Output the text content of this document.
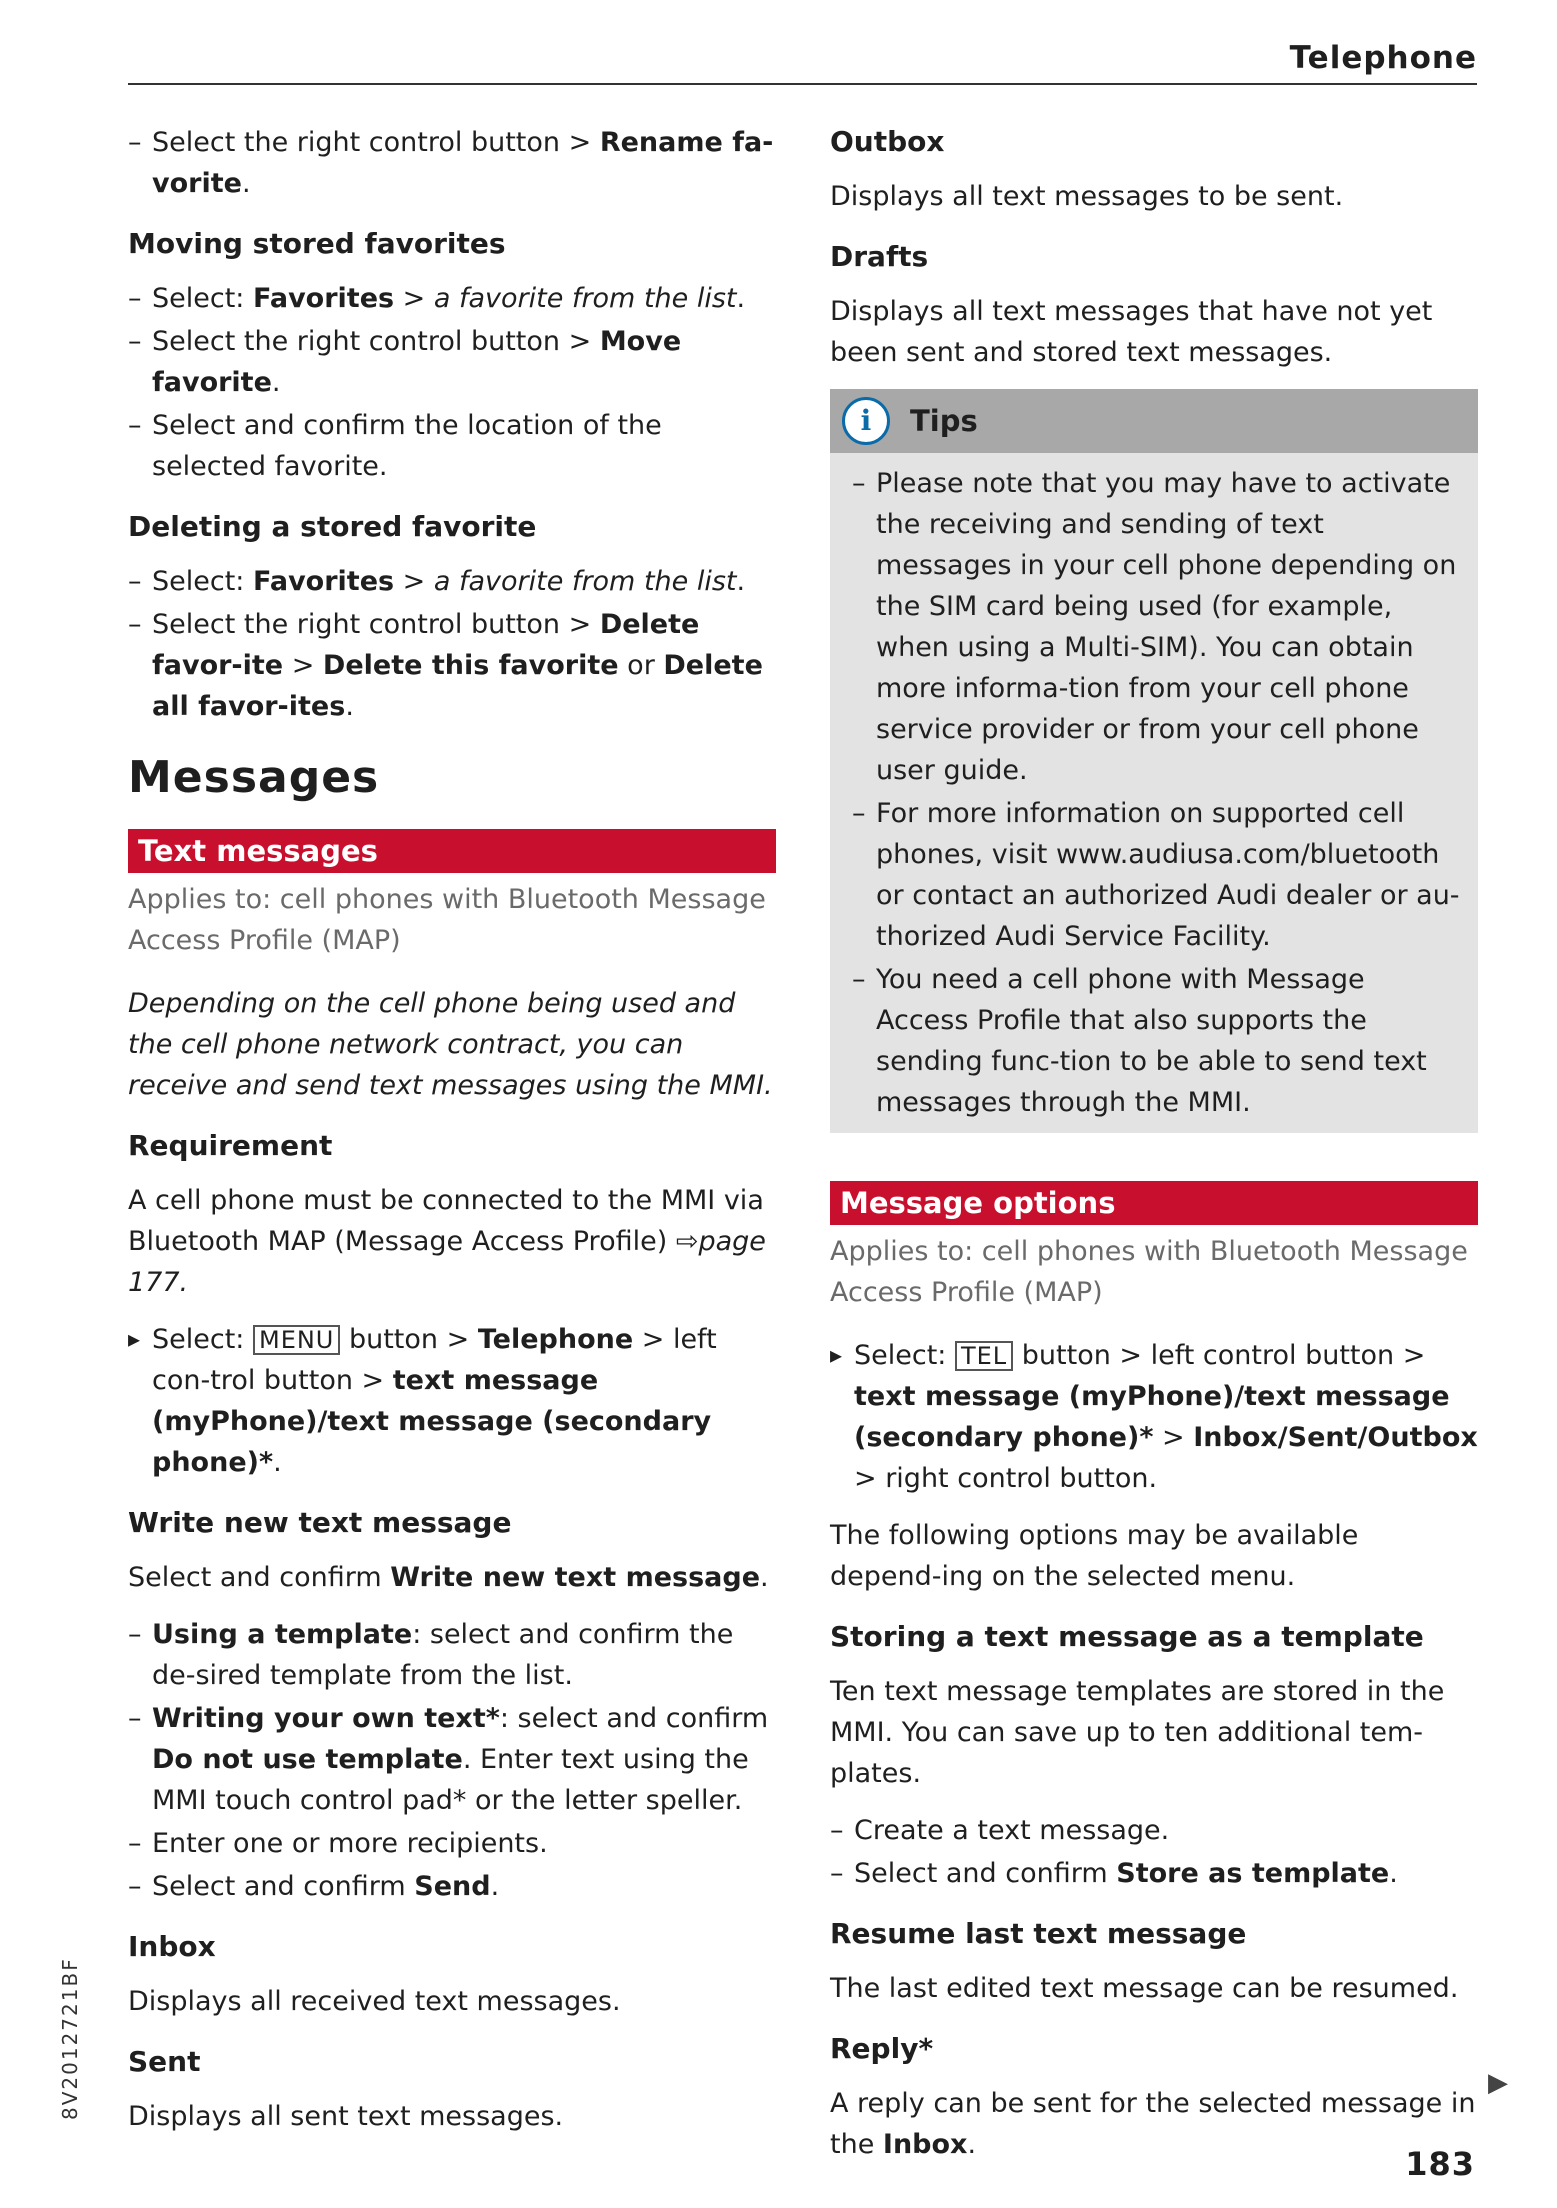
Telephone
– Select the right control button > Rename fa-vorite.
Moving stored favorites
– Select: Favorites > a favorite from the list.
– Select the right control button > Move favorite.
– Select and confirm the location of the selected favorite.
Deleting a stored favorite
– Select: Favorites > a favorite from the list.
– Select the right control button > Delete favor-ite > Delete this favorite or Delete all favor-ites.
Messages
Text messages

Applies to: cell phones with Bluetooth Message Access Profile (MAP)

Depending on the cell phone being used and the cell phone network contract, you can receive and send text messages using the MMI.

Requirement

A cell phone must be connected to the MMI via Bluetooth MAP (Message Access Profile) ⇨page 177.

▸ Select: MENU button > Telephone > left con-trol button > text message (myPhone)/text message (secondary phone)*.

Write new text message

Select and confirm Write new text message.

– Using a template: select and confirm the de-sired template from the list.
– Writing your own text*: select and confirm Do not use template. Enter text using the MMI touch control pad* or the letter speller.
– Enter one or more recipients.
– Select and confirm Send.
Inbox

Displays all received text messages.

Sent

Displays all sent text messages.

Outbox

Displays all text messages to be sent.

Drafts

Displays all text messages that have not yet been sent and stored text messages.

i	Tips
– Please note that you may have to activate the receiving and sending of text messages in your cell phone depending on the SIM card being used (for example, when using a Multi-SIM). You can obtain more informa-tion from your cell phone service provider or from your cell phone user guide.
– For more information on supported cell phones, visit www.audiusa.com/bluetooth or contact an authorized Audi dealer or au-thorized Audi Service Facility.
– You need a cell phone with Message Access Profile that also supports the sending func-tion to be able to send text messages through the MMI.
Message options

Applies to: cell phones with Bluetooth Message Access Profile (MAP)

▸ Select: TEL button > left control button > text message (myPhone)/text message (secondary phone)* > Inbox/Sent/Outbox > right control button.

The following options may be available depend-ing on the selected menu.

Storing a text message as a template

Ten text message templates are stored in the MMI. You can save up to ten additional tem-plates.

– Create a text message.
– Select and confirm Store as template.
Resume last text message

The last edited text message can be resumed.

Reply*

A reply can be sent for the selected message in the Inbox.

8V2012721BF	▶
183
